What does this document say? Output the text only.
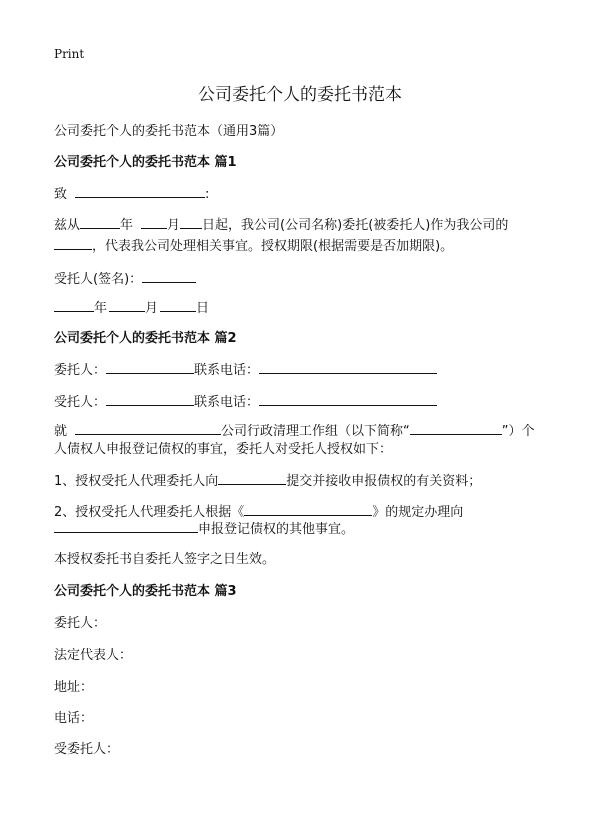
Print
公司委托个人的委托书范本
公司委托个人的委托书范本（通用3篇）
公司委托个人的委托书范本 篇1
致	:
兹从	年	月 日起，我公司(公司名称)委托(被委托人)作为我公司的
，代表我公司处理相关事宜。授权期限(根据需要是否加期限)。
受托人(签名)：
年	月	日
公司委托个人的委托书范本 篇2
委托人：	联系电话：
受托人：	联系电话：
就	公司行政清理工作组（以下简称“	”）个
人债权人申报登记债权的事宜，委托人对受托人授权如下：
1、授权受托人代理委托人向	提交并接收申报债权的有关资料；
2、授权受托人代理委托人根据《	》的规定办理向
申报登记债权的其他事宜。
本授权委托书自委托人签字之日生效。
公司委托个人的委托书范本 篇3
委托人：
法定代表人：
地址：
电话：
受委托人：
